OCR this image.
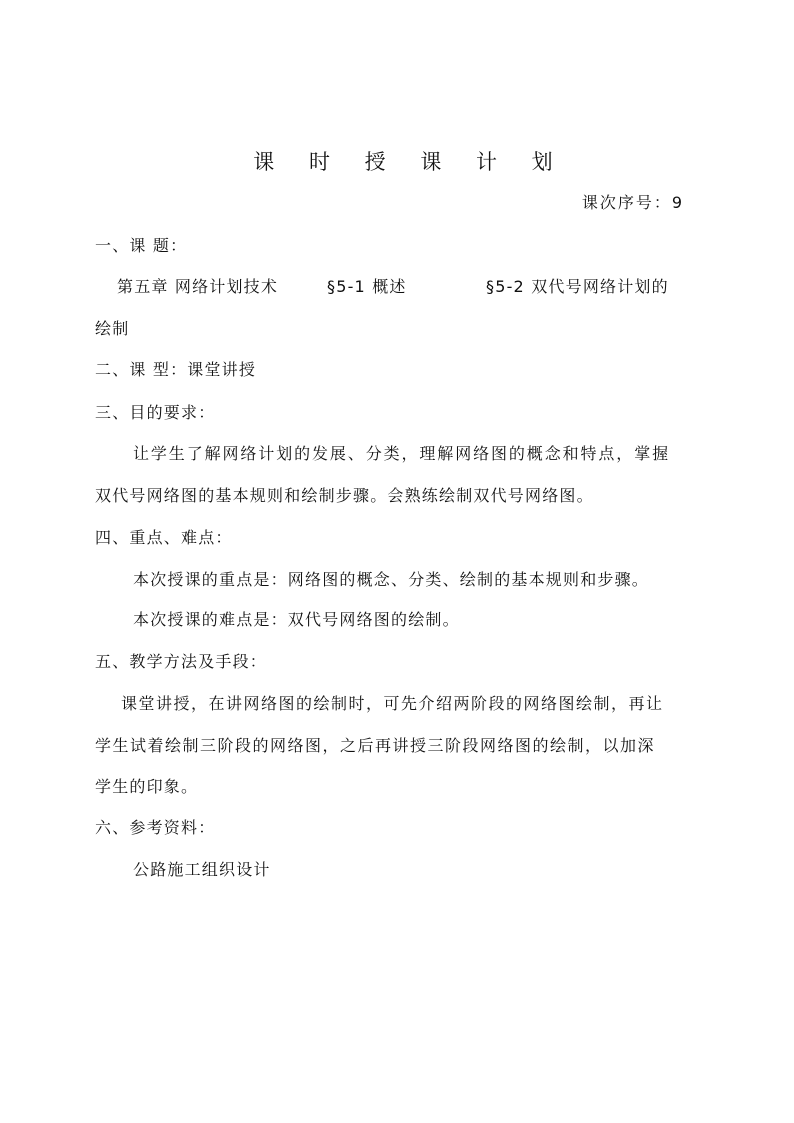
课 时 授 课 计 划
课次序号：9
一、课 题：
第五章 网络计划技术	§5-1 概述	§5-2 双代号网络计划的
绘制
二、课 型：课堂讲授
三、目的要求：
让学生了解网络计划的发展、分类，理解网络图的概念和特点，掌握
双代号网络图的基本规则和绘制步骤。会熟练绘制双代号网络图。
四、重点、难点：
本次授课的重点是：网络图的概念、分类、绘制的基本规则和步骤。
本次授课的难点是：双代号网络图的绘制。
五、教学方法及手段：
课堂讲授，在讲网络图的绘制时，可先介绍两阶段的网络图绘制，再让
学生试着绘制三阶段的网络图，之后再讲授三阶段网络图的绘制，以加深
学生的印象。
六、参考资料：
公路施工组织设计
